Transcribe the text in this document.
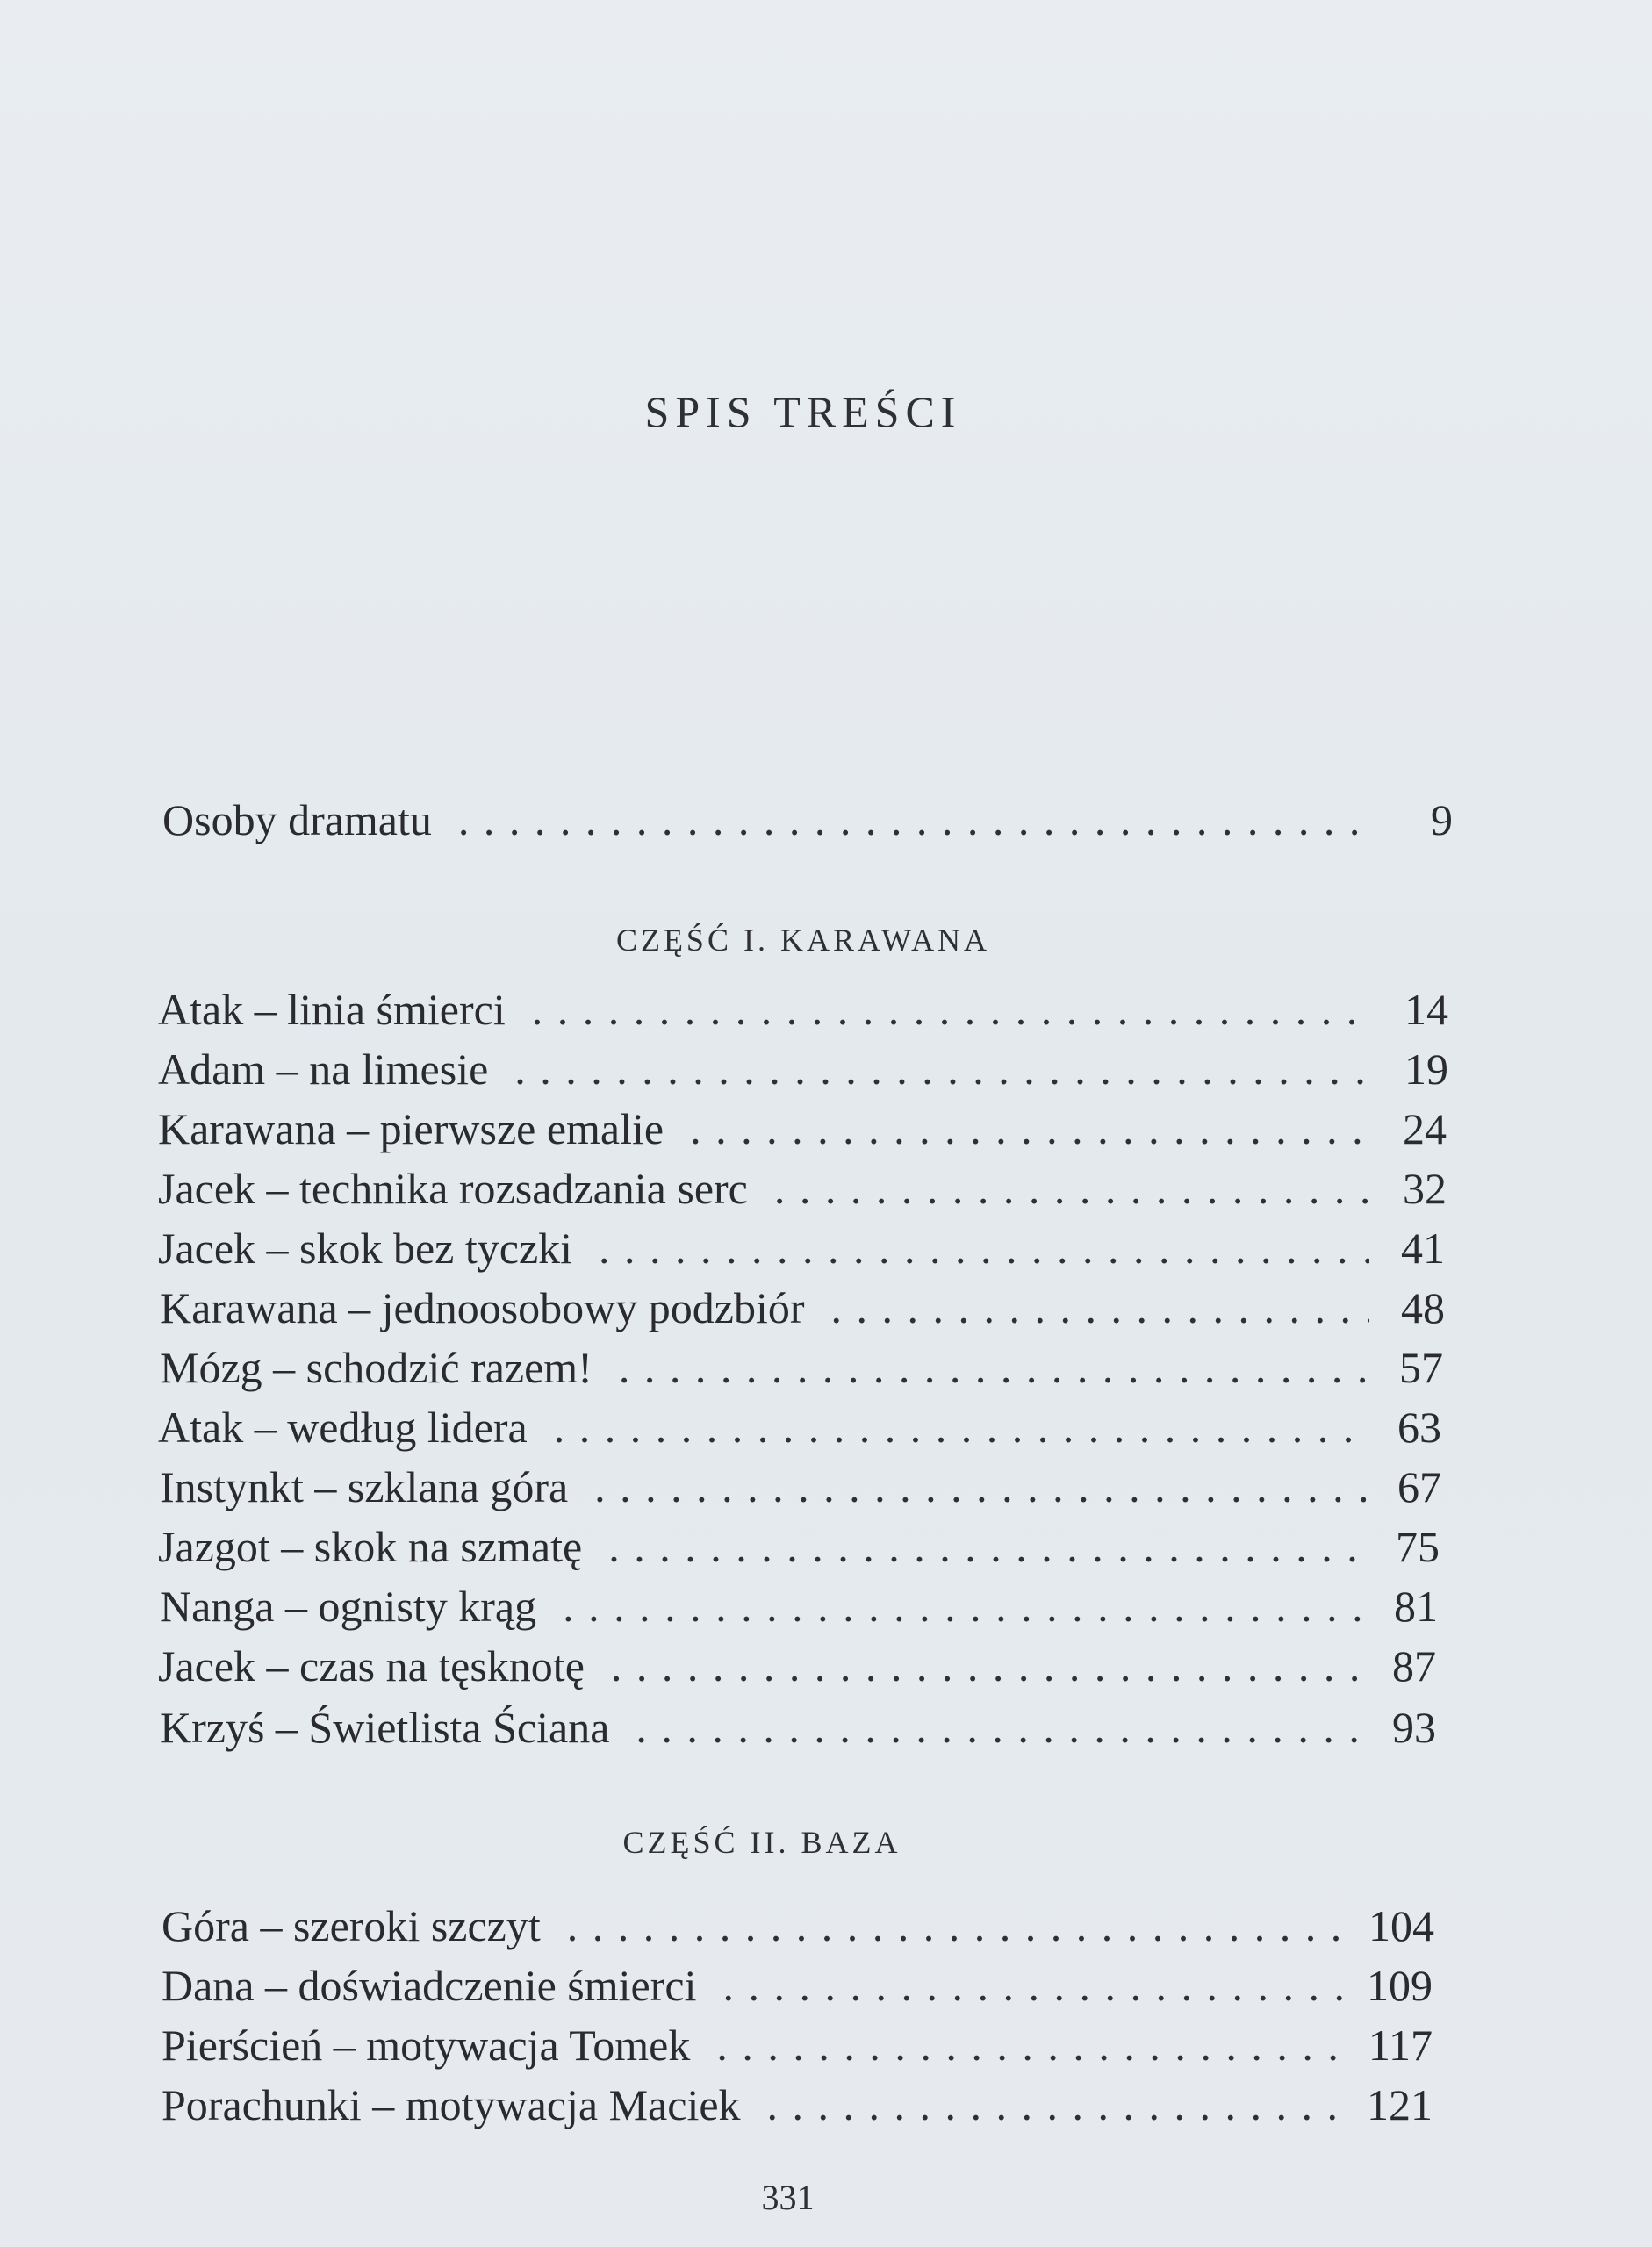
SPIS TREŚCI
Osoby dramatu . . .	9
CZĘŚĆ I. KARAWANA
Atak – linia śmierci . . .	14
Adam – na limesie . . .	19
Karawana – pierwsze emalie . . .	24
Jacek – technika rozsadzania serc . . .	32
Jacek – skok bez tyczki . . .	41
Karawana – jednoosobowy podzbiór . . .	48
Mózg – schodzić razem! . . .	57
Atak – według lidera . . .	63
Instynkt – szklana góra . . .	67
Jazgot – skok na szmatę . . .	75
Nanga – ognisty krąg . . .	81
Jacek – czas na tęsknotę . . .	87
Krzyś – Świetlista Ściana . . .	93
CZĘŚĆ II. BAZA
Góra – szeroki szczyt . . .	104
Dana – doświadczenie śmierci . . .	109
Pierścień – motywacja Tomek . . .	117
Porachunki – motywacja Maciek . . .	121
331
